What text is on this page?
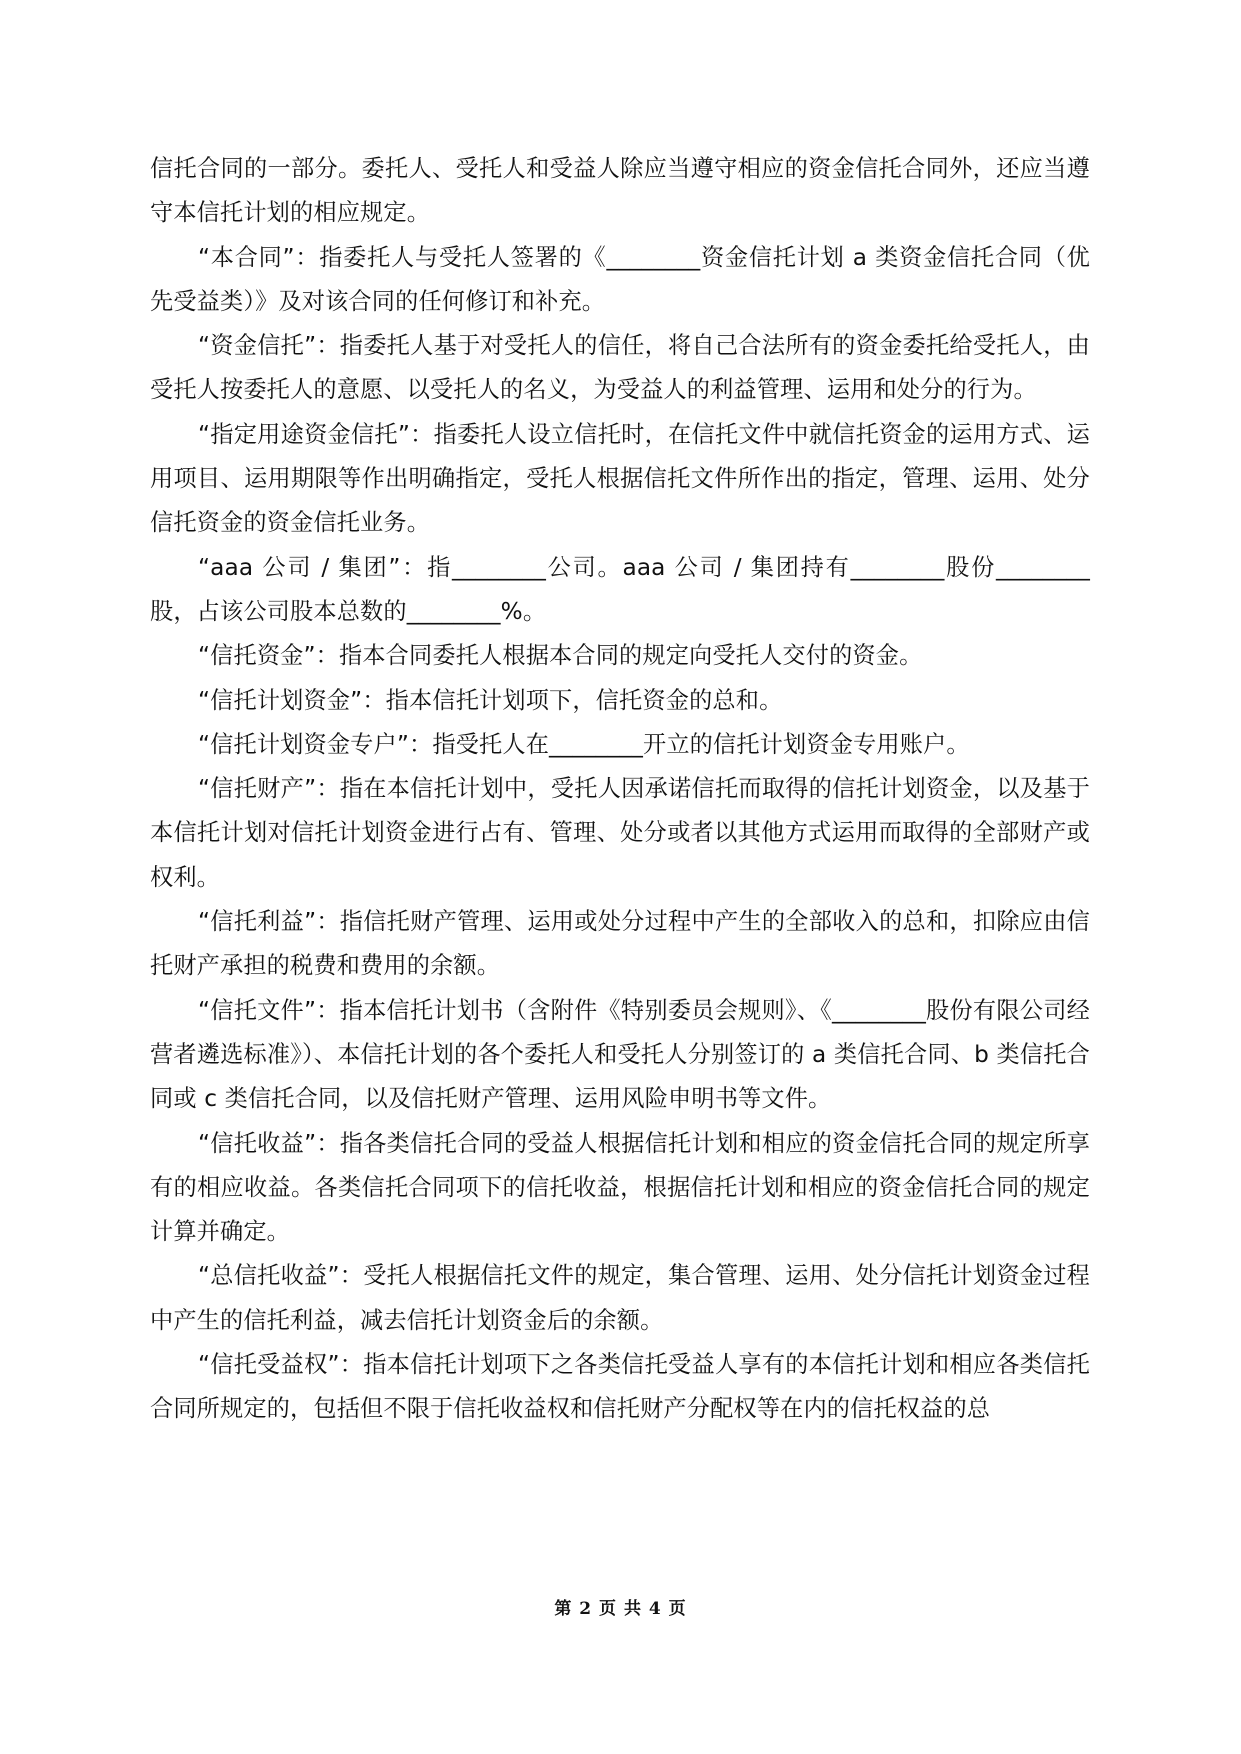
信托合同的一部分。委托人、受托人和受益人除应当遵守相应的资金信托合同外，还应当遵守本信托计划的相应规定。

“本合同”：指委托人与受托人签署的《________资金信托计划 a 类资金信托合同（优先受益类）》及对该合同的任何修订和补充。

“资金信托”：指委托人基于对受托人的信任，将自己合法所有的资金委托给受托人，由受托人按委托人的意愿、以受托人的名义，为受益人的利益管理、运用和处分的行为。

“指定用途资金信托”：指委托人设立信托时，在信托文件中就信托资金的运用方式、运用项目、运用期限等作出明确指定，受托人根据信托文件所作出的指定，管理、运用、处分信托资金的资金信托业务。

“aaa 公司 / 集团”：指________公司。aaa 公司 / 集团持有________股份________股，占该公司股本总数的________%。

“信托资金”：指本合同委托人根据本合同的规定向受托人交付的资金。

“信托计划资金”：指本信托计划项下，信托资金的总和。

“信托计划资金专户”：指受托人在________开立的信托计划资金专用账户。

“信托财产”：指在本信托计划中，受托人因承诺信托而取得的信托计划资金，以及基于本信托计划对信托计划资金进行占有、管理、处分或者以其他方式运用而取得的全部财产或权利。

“信托利益”：指信托财产管理、运用或处分过程中产生的全部收入的总和，扣除应由信托财产承担的税费和费用的余额。

“信托文件”：指本信托计划书（含附件《特别委员会规则》、《________股份有限公司经营者遴选标准》）、本信托计划的各个委托人和受托人分别签订的 a 类信托合同、b 类信托合同或 c 类信托合同，以及信托财产管理、运用风险申明书等文件。

“信托收益”：指各类信托合同的受益人根据信托计划和相应的资金信托合同的规定所享有的相应收益。各类信托合同项下的信托收益，根据信托计划和相应的资金信托合同的规定计算并确定。

“总信托收益”：受托人根据信托文件的规定，集合管理、运用、处分信托计划资金过程中产生的信托利益，减去信托计划资金后的余额。

“信托受益权”：指本信托计划项下之各类信托受益人享有的本信托计划和相应各类信托合同所规定的，包括但不限于信托收益权和信托财产分配权等在内的信托权益的总

第 2 页 共 4 页
